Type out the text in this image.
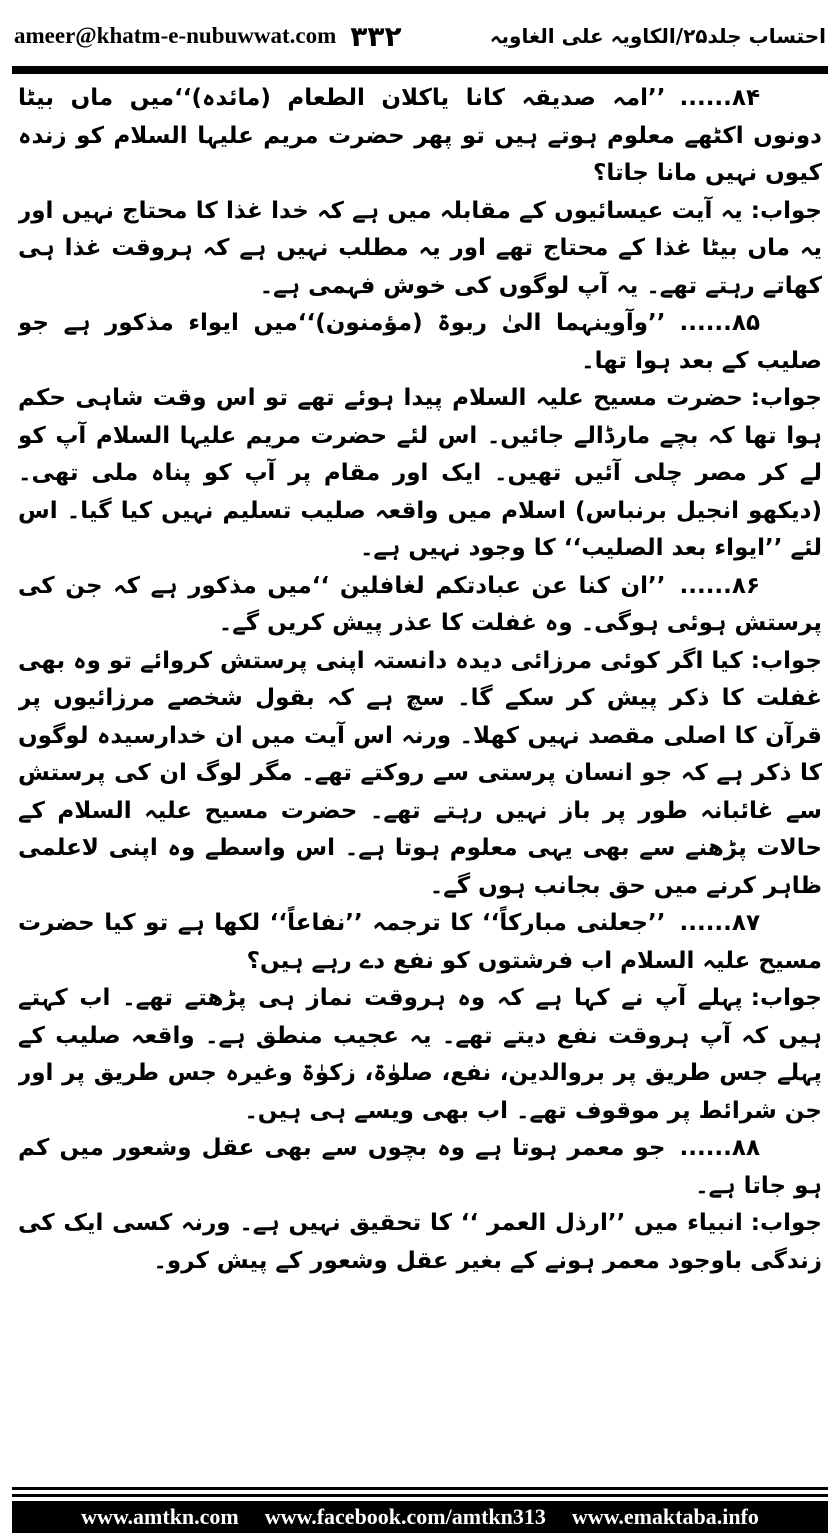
ameer@khatm-e-nubuwwat.com ۳۳۲	احتساب جلد۲۵/الکاویہ علی الغاویہ

۸۴......’’امہ صدیقہ کانا یاکلان الطعام (مائدہ)‘‘میں ماں بیٹا دونوں اکٹھے معلوم ہوتے ہیں تو پھر حضرت مریم علیہا السلام کو زندہ کیوں نہیں مانا جاتا؟

جواب:یہ آیت عیسائیوں کے مقابلہ میں ہے کہ خدا غذا کا محتاج نہیں اور یہ ماں بیٹا غذا کے محتاج تھے اور یہ مطلب نہیں ہے کہ ہروقت غذا ہی کھاتے رہتے تھے۔ یہ آپ لوگوں کی خوش فہمی ہے۔

۸۵......’’وآوینہما الیٰ ربوۃ (مؤمنون)‘‘میں ایواء مذکور ہے جو صلیب کے بعد ہوا تھا۔

جواب:حضرت مسیح علیہ السلام پیدا ہوئے تھے تو اس وقت شاہی حکم ہوا تھا کہ بچے مارڈالے جائیں۔ اس لئے حضرت مریم علیہا السلام آپ کو لے کر مصر چلی آئیں تھیں۔ ایک اور مقام پر آپ کو پناہ ملی تھی۔ (دیکھو انجیل برنباس) اسلام میں واقعہ صلیب تسلیم نہیں کیا گیا۔ اس لئے ’’ایواء بعد الصلیب‘‘ کا وجود نہیں ہے۔

۸۶......’’ان کنا عن عبادتکم لغافلین ‘‘میں مذکور ہے کہ جن کی پرستش ہوئی ہوگی۔ وہ غفلت کا عذر پیش کریں گے۔

جواب:کیا اگر کوئی مرزائی دیدہ دانستہ اپنی پرستش کروائے تو وہ بھی غفلت کا ذکر پیش کر سکے گا۔ سچ ہے کہ بقول شخصے مرزائیوں پر قرآن کا اصلی مقصد نہیں کھلا۔ ورنہ اس آیت میں ان خدارسیدہ لوگوں کا ذکر ہے کہ جو انسان پرستی سے روکتے تھے۔ مگر لوگ ان کی پرستش سے غائبانہ طور پر باز نہیں رہتے تھے۔ حضرت مسیح علیہ السلام کے حالات پڑھنے سے بھی یہی معلوم ہوتا ہے۔ اس واسطے وہ اپنی لاعلمی ظاہر کرنے میں حق بجانب ہوں گے۔

۸۷......’’جعلنی مبارکاً‘‘ کا ترجمہ ’’نفاعاً‘‘ لکھا ہے تو کیا حضرت مسیح علیہ السلام اب فرشتوں کو نفع دے رہے ہیں؟

جواب:پہلے آپ نے کہا ہے کہ وہ ہروقت نماز ہی پڑھتے تھے۔ اب کہتے ہیں کہ آپ ہروقت نفع دیتے تھے۔ یہ عجیب منطق ہے۔ واقعہ صلیب کے پہلے جس طریق پر بروالدین، نفع، صلوٰۃ، زکوٰۃ وغیرہ جس طریق پر اور جن شرائط پر موقوف تھے۔ اب بھی ویسے ہی ہیں۔

۸۸......جو معمر ہوتا ہے وہ بچوں سے بھی عقل وشعور میں کم ہو جاتا ہے۔

جواب:انبیاء میں ’’ارذل العمر ‘‘ کا تحقیق نہیں ہے۔ ورنہ کسی ایک کی زندگی باوجود معمر ہونے کے بغیر عقل وشعور کے پیش کرو۔

www.amtkn.com www.facebook.com/amtkn313 www.emaktaba.info
